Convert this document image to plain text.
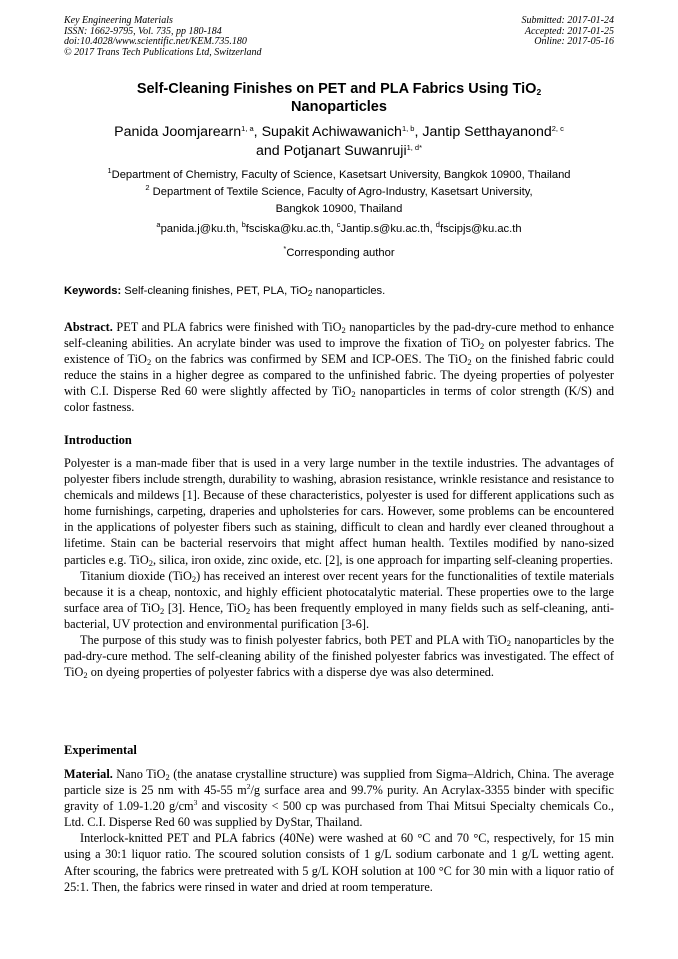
Key Engineering Materials
ISSN: 1662-9795, Vol. 735, pp 180-184
doi:10.4028/www.scientific.net/KEM.735.180
© 2017 Trans Tech Publications Ltd, Switzerland
Submitted: 2017-01-24
Accepted: 2017-01-25
Online: 2017-05-16
Self-Cleaning Finishes on PET and PLA Fabrics Using TiO$_2$
Nanoparticles
Panida Joomjarearn$^{1, a}$, Supakit Achiwawanich$^{1, b}$, Jantip Setthayanond$^{2, c}$
and Potjanart Suwanruji$^{1, d*}$
$^1$Department of Chemistry, Faculty of Science, Kasetsart University, Bangkok 10900, Thailand
$^2$ Department of Textile Science, Faculty of Agro-Industry, Kasetsart University,
Bangkok 10900, Thailand
$^a$panida.j@ku.th, $^b$fsciska@ku.ac.th, $^c$Jantip.s@ku.ac.th, $^d$fscipjs@ku.ac.th
*Corresponding author
Keywords: Self-cleaning finishes, PET, PLA, TiO$_2$ nanoparticles.
Abstract. PET and PLA fabrics were finished with TiO$_2$ nanoparticles by the pad-dry-cure method to enhance self-cleaning abilities. An acrylate binder was used to improve the fixation of TiO$_2$ on polyester fabrics. The existence of TiO$_2$ on the fabrics was confirmed by SEM and ICP-OES. The TiO$_2$ on the finished fabric could reduce the stains in a higher degree as compared to the unfinished fabric. The dyeing properties of polyester with C.I. Disperse Red 60 were slightly affected by TiO$_2$ nanoparticles in terms of color strength (K/S) and color fastness.
Introduction

Polyester is a man-made fiber that is used in a very large number in the textile industries. The advantages of polyester fibers include strength, durability to washing, abrasion resistance, wrinkle resistance and resistance to chemicals and mildews [1]. Because of these characteristics, polyester is used for different applications such as home furnishings, carpeting, draperies and upholsteries for cars. However, some problems can be encountered in the applications of polyester fibers such as staining, difficult to clean and hardly ever cleaned throughout a lifetime. Stain can be bacterial reservoirs that might affect human health. Textiles modified by nano-sized particles e.g. TiO$_2$, silica, iron oxide, zinc oxide, etc. [2], is one approach for imparting self-cleaning properties.

Titanium dioxide (TiO$_2$) has received an interest over recent years for the functionalities of textile materials because it is a cheap, nontoxic, and highly efficient photocatalytic material. These properties owe to the large surface area of TiO$_2$ [3]. Hence, TiO$_2$ has been frequently employed in many fields such as self-cleaning, anti-bacterial, UV protection and environmental purification [3-6].

The purpose of this study was to finish polyester fabrics, both PET and PLA with TiO$_2$ nanoparticles by the pad-dry-cure method. The self-cleaning ability of the finished polyester fabrics was investigated. The effect of TiO$_2$ on dyeing properties of polyester fabrics with a disperse dye was also determined.

Experimental

Material. Nano TiO$_2$ (the anatase crystalline structure) was supplied from Sigma–Aldrich, China. The average particle size is 25 nm with 45-55 $m^2/g$ surface area and 99.7% purity. An Acrylax-3355 binder with specific gravity of 1.09-1.20 $g/cm^3$ and viscosity < 500 cp was purchased from Thai Mitsui Specialty chemicals Co., Ltd. C.I. Disperse Red 60 was supplied by DyStar, Thailand.

Interlock-knitted PET and PLA fabrics (40Ne) were washed at 60 °C and 70 °C, respectively, for 15 min using a 30:1 liquor ratio. The scoured solution consists of 1 g/L sodium carbonate and 1 g/L wetting agent. After scouring, the fabrics were pretreated with 5 g/L KOH solution at 100 °C for 30 min with a liquor ratio of 25:1. Then, the fabrics were rinsed in water and dried at room temperature.
